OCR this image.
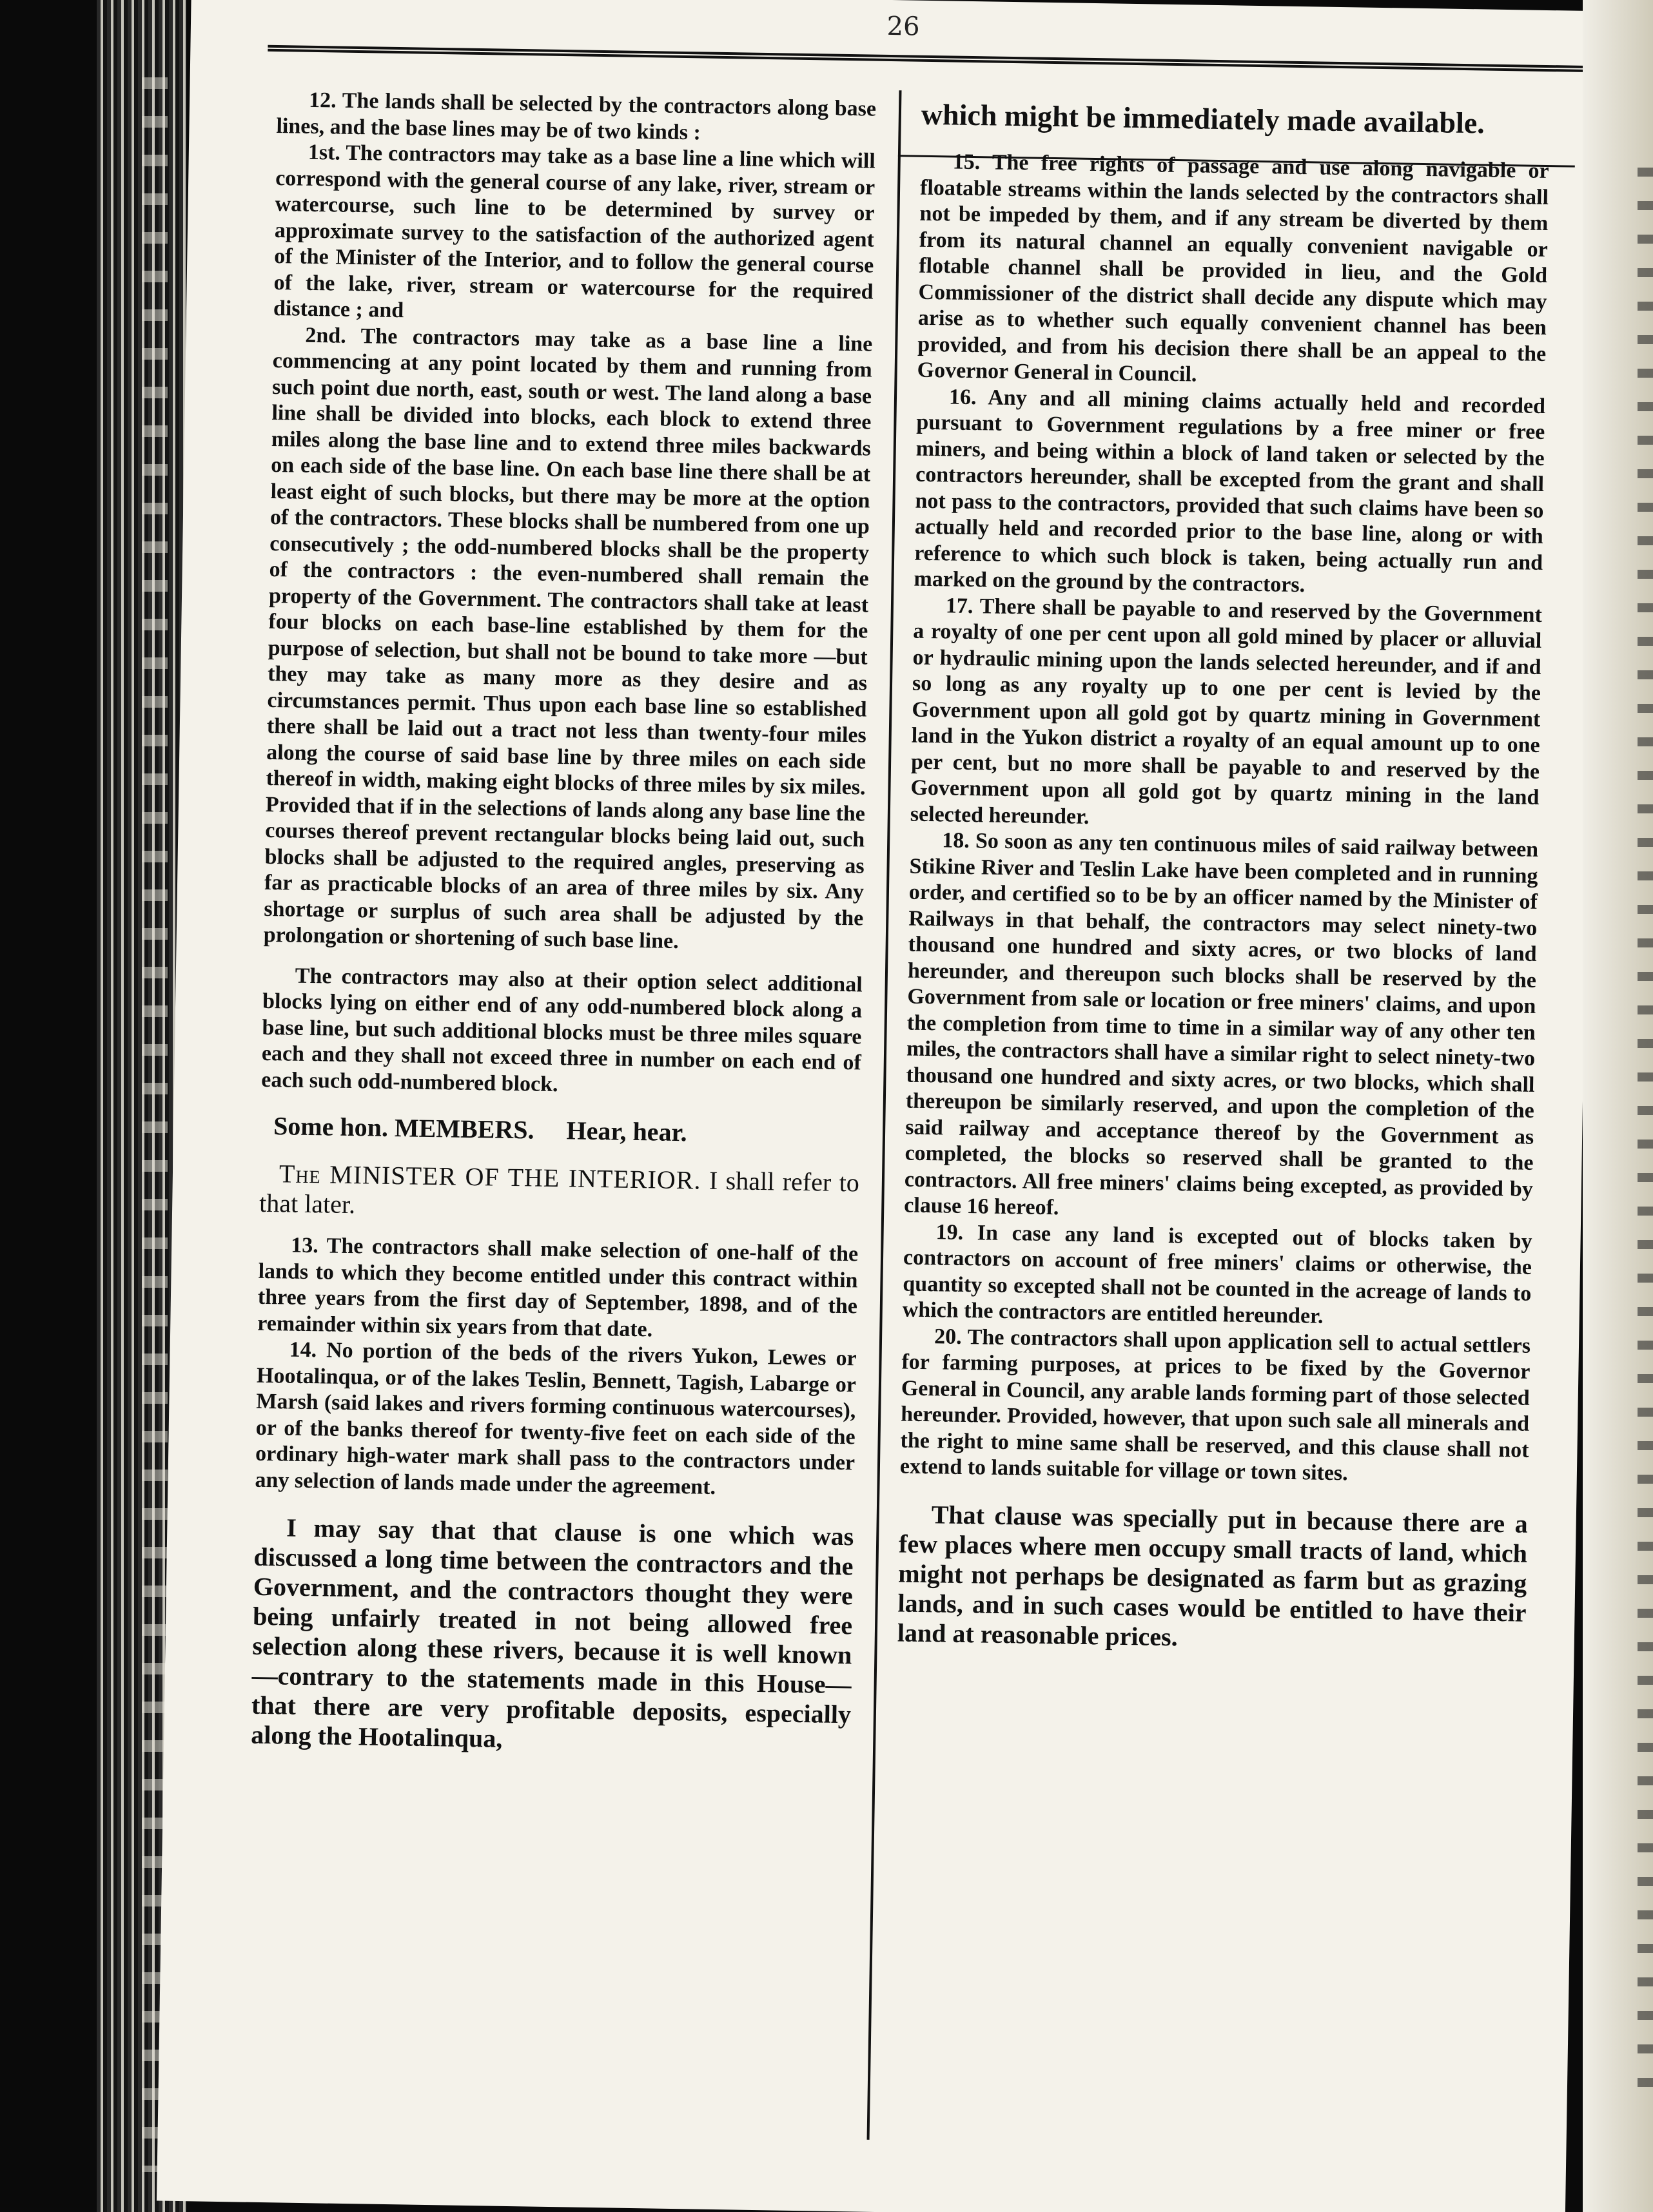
26

12. The lands shall be selected by the contractors along base lines, and the base lines may be of two kinds :

1st. The contractors may take as a base line a line which will correspond with the general course of any lake, river, stream or watercourse, such line to be determined by survey or approximate survey to the satisfaction of the authorized agent of the Minister of the Interior, and to follow the general course of the lake, river, stream or watercourse for the required distance ; and

2nd. The contractors may take as a base line a line commencing at any point located by them and running from such point due north, east, south or west. The land along a base line shall be divided into blocks, each block to extend three miles along the base line and to extend three miles backwards on each side of the base line. On each base line there shall be at least eight of such blocks, but there may be more at the option of the contractors. These blocks shall be numbered from one up consecutively ; the odd-numbered blocks shall be the property of the contractors : the even-numbered shall remain the property of the Government. The contractors shall take at least four blocks on each base-line established by them for the purpose of selection, but shall not be bound to take more —but they may take as many more as they desire and as circumstances permit. Thus upon each base line so established there shall be laid out a tract not less than twenty-four miles along the course of said base line by three miles on each side thereof in width, making eight blocks of three miles by six miles. Provided that if in the selections of lands along any base line the courses thereof prevent rectangular blocks being laid out, such blocks shall be adjusted to the required angles, preserving as far as practicable blocks of an area of three miles by six. Any shortage or surplus of such area shall be adjusted by the prolongation or shortening of such base line.

The contractors may also at their option select additional blocks lying on either end of any odd-numbered block along a base line, but such additional blocks must be three miles square each and they shall not exceed three in number on each end of each such odd-numbered block.

Some hon. MEMBERS. Hear, hear.

The MINISTER OF THE INTERIOR. I shall refer to that later.

13. The contractors shall make selection of one-half of the lands to which they become entitled under this contract within three years from the first day of September, 1898, and of the remainder within six years from that date.

14. No portion of the beds of the rivers Yukon, Lewes or Hootalinqua, or of the lakes Teslin, Bennett, Tagish, Labarge or Marsh (said lakes and rivers forming continuous watercourses), or of the banks thereof for twenty-five feet on each side of the ordinary high-water mark shall pass to the contractors under any selection of lands made under the agreement.

I may say that that clause is one which was discussed a long time between the contractors and the Government, and the contractors thought they were being unfairly treated in not being allowed free selection along these rivers, because it is well known —contrary to the statements made in this House—that there are very profitable deposits, especially along the Hootalinqua,

which might be immediately made available.

15. The free rights of passage and use along navigable or floatable streams within the lands selected by the contractors shall not be impeded by them, and if any stream be diverted by them from its natural channel an equally convenient navigable or flotable channel shall be provided in lieu, and the Gold Commissioner of the district shall decide any dispute which may arise as to whether such equally convenient channel has been provided, and from his decision there shall be an appeal to the Governor General in Council.

16. Any and all mining claims actually held and recorded pursuant to Government regulations by a free miner or free miners, and being within a block of land taken or selected by the contractors hereunder, shall be excepted from the grant and shall not pass to the contractors, provided that such claims have been so actually held and recorded prior to the base line, along or with reference to which such block is taken, being actually run and marked on the ground by the contractors.

17. There shall be payable to and reserved by the Government a royalty of one per cent upon all gold mined by placer or alluvial or hydraulic mining upon the lands selected hereunder, and if and so long as any royalty up to one per cent is levied by the Government upon all gold got by quartz mining in Government land in the Yukon district a royalty of an equal amount up to one per cent, but no more shall be payable to and reserved by the Government upon all gold got by quartz mining in the land selected hereunder.

18. So soon as any ten continuous miles of said railway between Stikine River and Teslin Lake have been completed and in running order, and certified so to be by an officer named by the Minister of Railways in that behalf, the contractors may select ninety-two thousand one hundred and sixty acres, or two blocks of land hereunder, and thereupon such blocks shall be reserved by the Government from sale or location or free miners' claims, and upon the completion from time to time in a similar way of any other ten miles, the contractors shall have a similar right to select ninety-two thousand one hundred and sixty acres, or two blocks, which shall thereupon be similarly reserved, and upon the completion of the said railway and acceptance thereof by the Government as completed, the blocks so reserved shall be granted to the contractors. All free miners' claims being excepted, as provided by clause 16 hereof.

19. In case any land is excepted out of blocks taken by contractors on account of free miners' claims or otherwise, the quantity so excepted shall not be counted in the acreage of lands to which the contractors are entitled hereunder.

20. The contractors shall upon application sell to actual settlers for farming purposes, at prices to be fixed by the Governor General in Council, any arable lands forming part of those selected hereunder. Provided, however, that upon such sale all minerals and the right to mine same shall be reserved, and this clause shall not extend to lands suitable for village or town sites.

That clause was specially put in because there are a few places where men occupy small tracts of land, which might not perhaps be designated as farm but as grazing lands, and in such cases would be entitled to have their land at reasonable prices.
